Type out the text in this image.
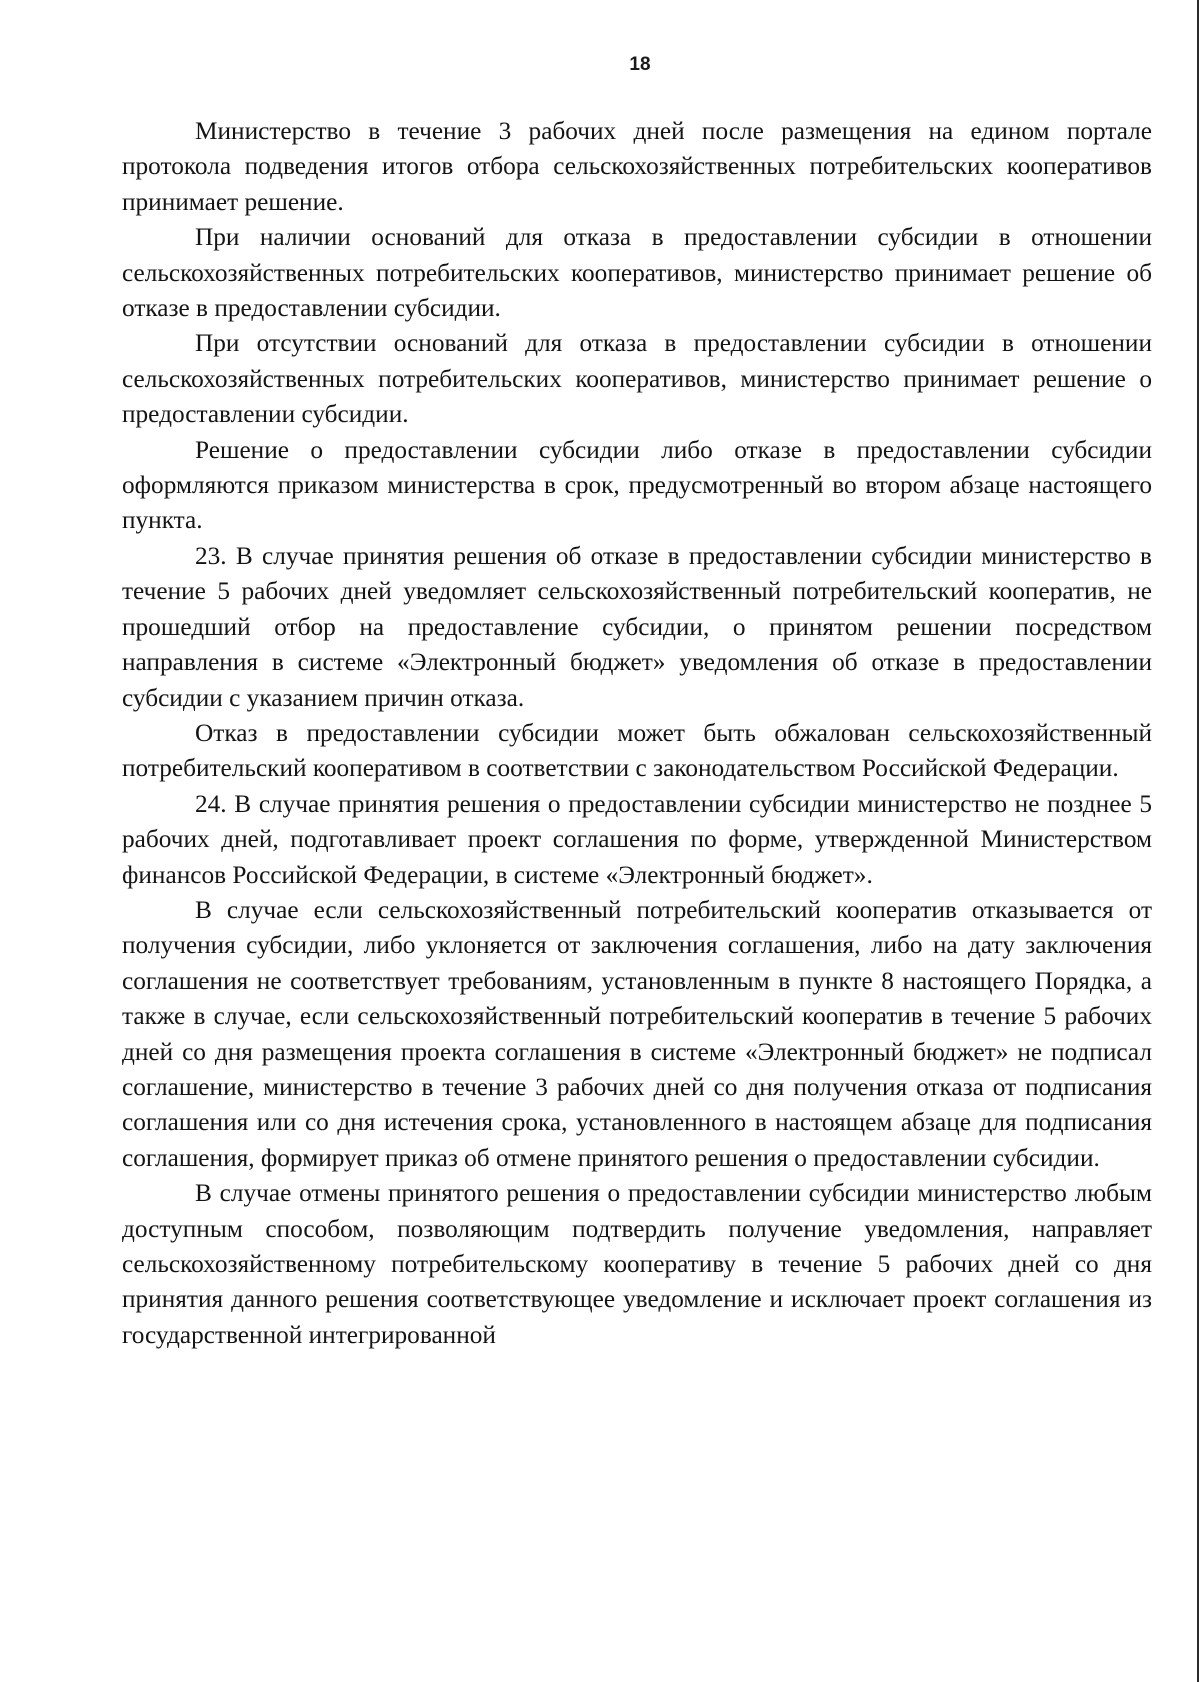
18

Министерство в течение 3 рабочих дней после размещения на едином портале протокола подведения итогов отбора сельскохозяйственных потребительских кооперативов принимает решение.

При наличии оснований для отказа в предоставлении субсидии в отношении сельскохозяйственных потребительских кооперативов, министерство принимает решение об отказе в предоставлении субсидии.

При отсутствии оснований для отказа в предоставлении субсидии в отношении сельскохозяйственных потребительских кооперативов, министерство принимает решение о предоставлении субсидии.

Решение о предоставлении субсидии либо отказе в предоставлении субсидии оформляются приказом министерства в срок, предусмотренный во втором абзаце настоящего пункта.

23. В случае принятия решения об отказе в предоставлении субсидии министерство в течение 5 рабочих дней уведомляет сельскохозяйственный потребительский кооператив, не прошедший отбор на предоставление субсидии, о принятом решении посредством направления в системе «Электронный бюджет» уведомления об отказе в предоставлении субсидии с указанием причин отказа.

Отказ в предоставлении субсидии может быть обжалован сельскохозяйственный потребительский кооперативом в соответствии с законодательством Российской Федерации.

24. В случае принятия решения о предоставлении субсидии министерство не позднее 5 рабочих дней, подготавливает проект соглашения по форме, утвержденной Министерством финансов Российской Федерации, в системе «Электронный бюджет».

В случае если сельскохозяйственный потребительский кооператив отказывается от получения субсидии, либо уклоняется от заключения соглашения, либо на дату заключения соглашения не соответствует требованиям, установленным в пункте 8 настоящего Порядка, а также в случае, если сельскохозяйственный потребительский кооператив в течение 5 рабочих дней со дня размещения проекта соглашения в системе «Электронный бюджет» не подписал соглашение, министерство в течение 3 рабочих дней со дня получения отказа от подписания соглашения или со дня истечения срока, установленного в настоящем абзаце для подписания соглашения, формирует приказ об отмене принятого решения о предоставлении субсидии.

В случае отмены принятого решения о предоставлении субсидии министерство любым доступным способом, позволяющим подтвердить получение уведомления, направляет сельскохозяйственному потребительскому кооперативу в течение 5 рабочих дней со дня принятия данного решения соответствующее уведомление и исключает проект соглашения из государственной интегрированной
